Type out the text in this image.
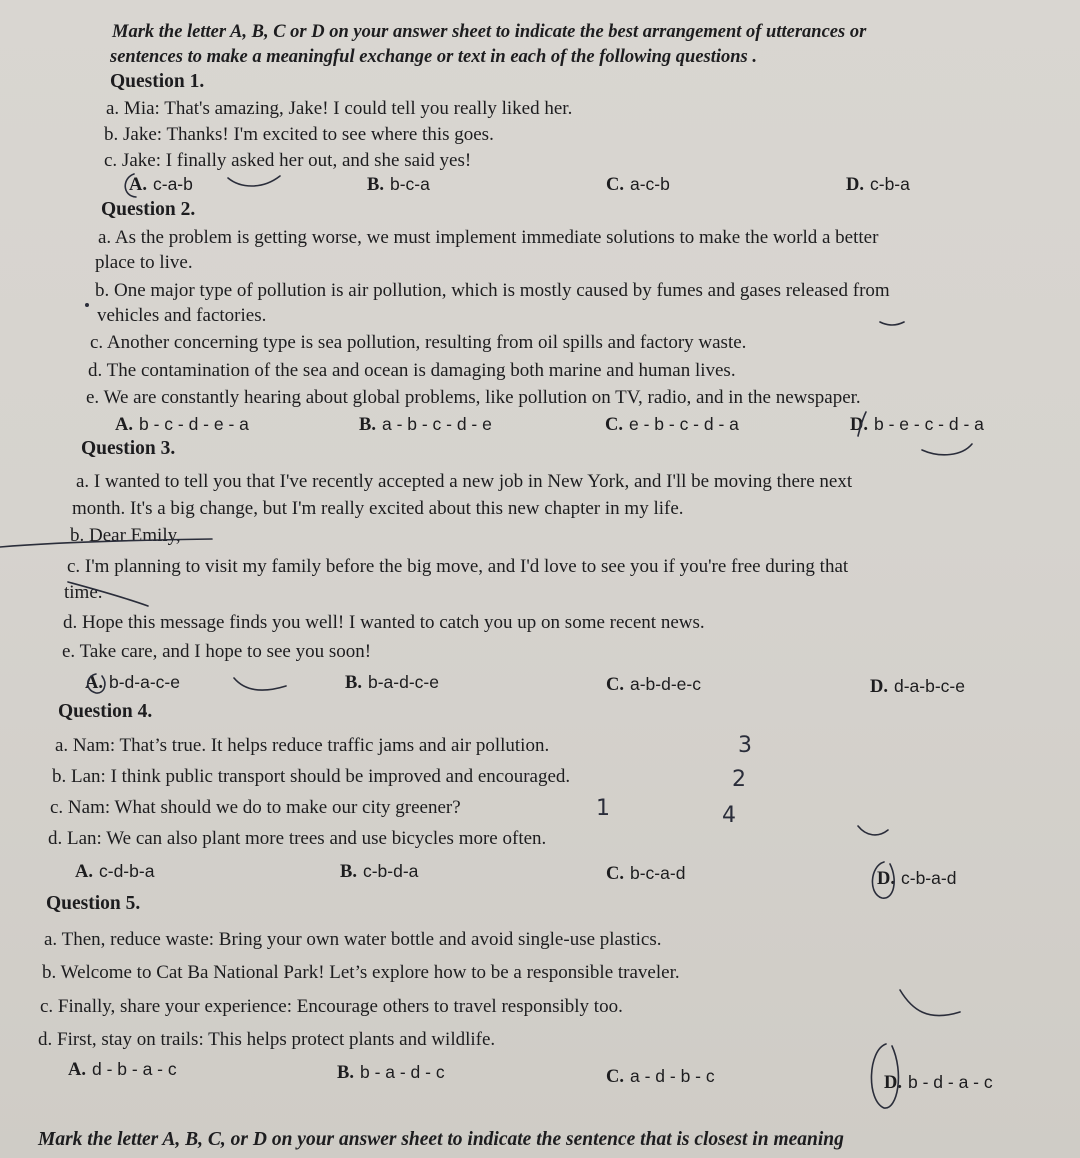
Mark the letter A, B, C or D on your answer sheet to indicate the best arrangement of utterances or
sentences to make a meaningful exchange or text in each of the following questions .
Question 1.
a. Mia: That's amazing, Jake! I could tell you really liked her.
b. Jake: Thanks! I'm excited to see where this goes.
c. Jake: I finally asked her out, and she said yes!
A. c-a-b	B. b-c-a	C. a-c-b	D. c-b-a
Question 2.
a. As the problem is getting worse, we must implement immediate solutions to make the world a better
place to live.
b. One major type of pollution is air pollution, which is mostly caused by fumes and gases released from
vehicles and factories.
c. Another concerning type is sea pollution, resulting from oil spills and factory waste.
d. The contamination of the sea and ocean is damaging both marine and human lives.
e. We are constantly hearing about global problems, like pollution on TV, radio, and in the newspaper.
A. b - c - d - e - a	B. a - b - c - d - e	C. e - b - c - d - a	D. b - e - c - d - a
Question 3.
a. I wanted to tell you that I've recently accepted a new job in New York, and I'll be moving there next
month. It's a big change, but I'm really excited about this new chapter in my life.
b. Dear Emily,
c. I'm planning to visit my family before the big move, and I'd love to see you if you're free during that
time.
d. Hope this message finds you well! I wanted to catch you up on some recent news.
e. Take care, and I hope to see you soon!
A. b-d-a-c-e	B. b-a-d-c-e	C. a-b-d-e-c	D. d-a-b-c-e
Question 4.
a. Nam: That’s true. It helps reduce traffic jams and air pollution.
b. Lan: I think public transport should be improved and encouraged.
c. Nam: What should we do to make our city greener?
d. Lan: We can also plant more trees and use bicycles more often.
A. c-d-b-a	B. c-b-d-a	C. b-c-a-d	D. c-b-a-d
Question 5.
a. Then, reduce waste: Bring your own water bottle and avoid single-use plastics.
b. Welcome to Cat Ba National Park! Let’s explore how to be a responsible traveler.
c. Finally, share your experience: Encourage others to travel responsibly too.
d. First, stay on trails: This helps protect plants and wildlife.
A. d - b - a - c	B. b - a - d - c	C. a - d - b - c	D. b - d - a - c
Mark the letter A, B, C, or D on your answer sheet to indicate the sentence that is closest in meaning
3
2
1	4
